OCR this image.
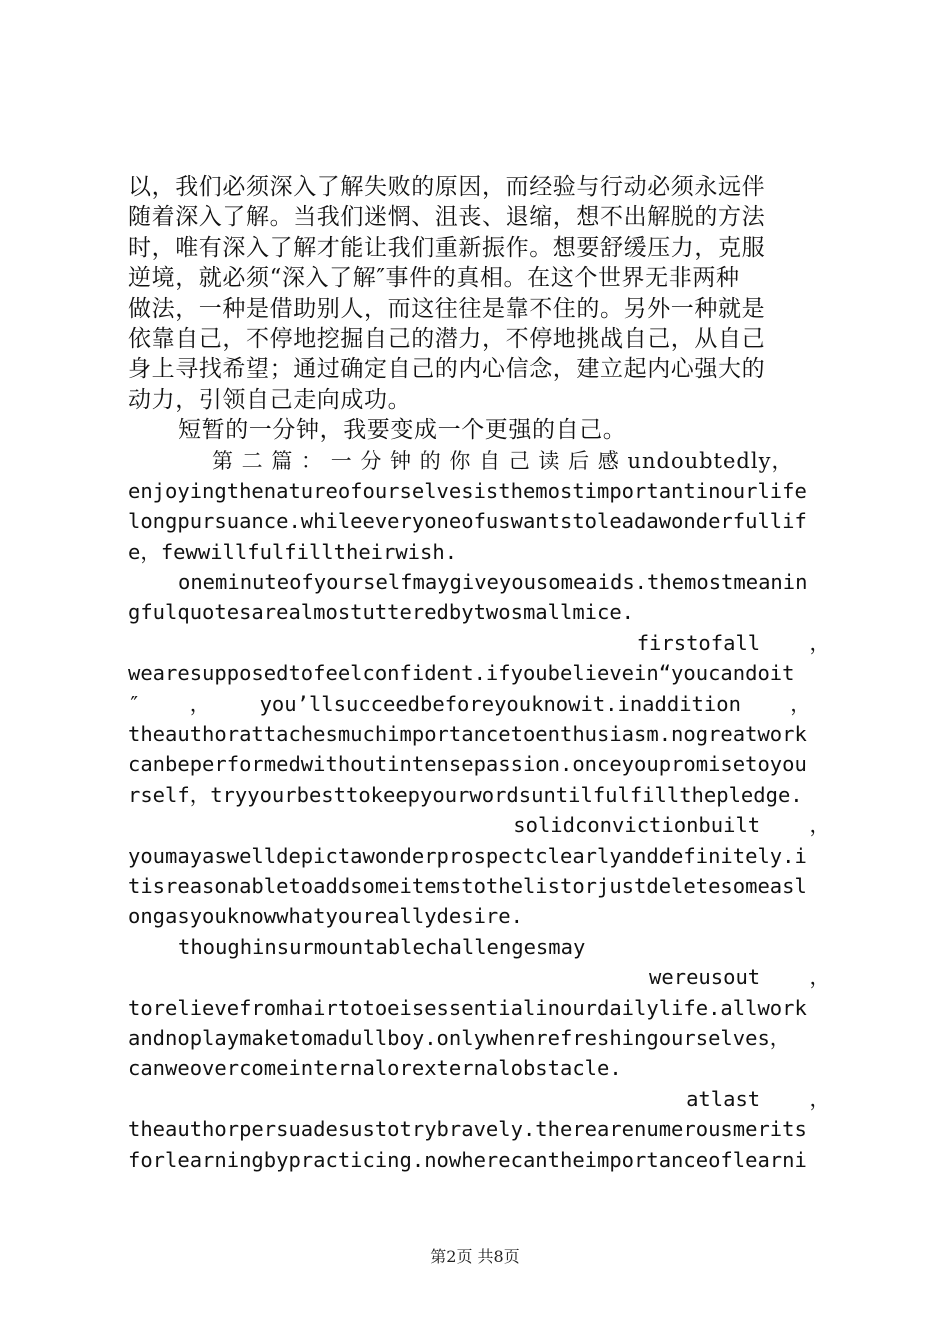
以，我们必须深入了解失败的原因，而经验与行动必须永远伴
随着深入了解。当我们迷惘、沮丧、退缩，想不出解脱的方法
时，唯有深入了解才能让我们重新振作。想要舒缓压力，克服
逆境，就必须“深入了解″事件的真相。在这个世界无非两种
做法，一种是借助别人，而这往往是靠不住的。另外一种就是
依靠自己，不停地挖掘自己的潜力，不停地挑战自己，从自己
身上寻找希望；通过确定自己的内心信念，建立起内心强大的
动力，引领自己走向成功。
短暂的一分钟，我要变成一个更强的自己。
第 二 篇 ： 一 分 钟 的 你 自 己 读 后 感 undoubtedly，
enjoyingthenatureofourselvesisthemostimportantinourlife
longpursuance.whileeveryoneofuswantstoleadawonderfullif
e，fewwillfulfilltheirwish.
oneminuteofyourselfmaygiveyousomeaids.themostmeanin
gfulquotesarealmostutteredbytwosmallmice.
firstofall    ，
wearesupposedtofeelconfident.ifyoubelievein“youcandoit
″    ，    you’llsucceedbeforeyouknowit.inaddition    ，
theauthorattachesmuchimportancetoenthusiasm.nogreatwork
canbeperformedwithoutintensepassion.onceyoupromisetoyou
rself，tryyourbesttokeepyourwordsuntilfulfillthepledge.
solidconvictionbuilt    ，
youmayaswelldepictawonderprospectclearlyanddefinitely.i
tisreasonabletoaddsomeitemstothelistorjustdeletesomeasl
ongasyouknowwhatyoureallydesire.
thoughinsurmountablechallengesmay
wereusout    ，
torelievefromhairtotoeisessentialinourdailylife.allwork
andnoplaymaketomadullboy.onlywhenrefreshingourselves，
canweovercomeinternalorexternalobstacle.
atlast    ，
theauthorpersuadesustotrybravely.therearenumerousmerits
forlearningbypracticing.nowherecantheimportanceoflearni
第2页 共8页
